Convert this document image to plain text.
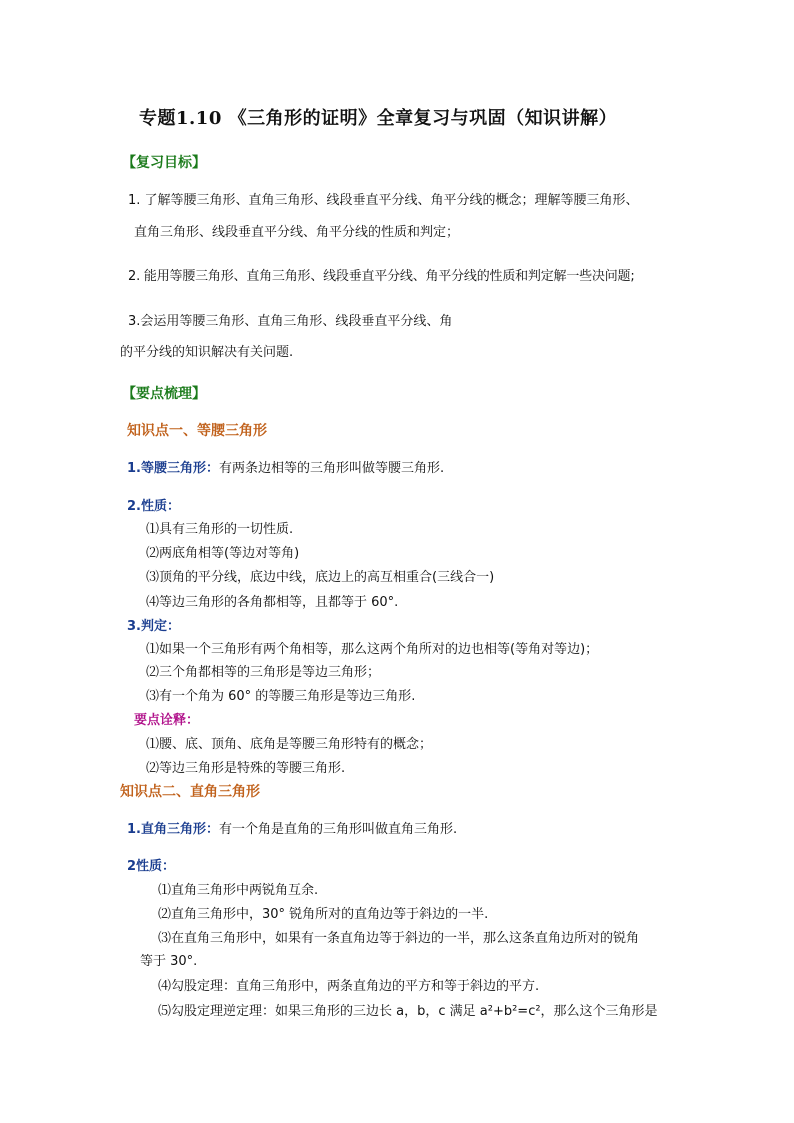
专题1.10 《三角形的证明》全章复习与巩固（知识讲解）
【复习目标】
1. 了解等腰三角形、直角三角形、线段垂直平分线、角平分线的概念；理解等腰三角形、
直角三角形、线段垂直平分线、角平分线的性质和判定；
2. 能用等腰三角形、直角三角形、线段垂直平分线、角平分线的性质和判定解一些决问题;
3.会运用等腰三角形、直角三角形、线段垂直平分线、角
的平分线的知识解决有关问题.
【要点梳理】
知识点一、等腰三角形
1.等腰三角形：有两条边相等的三角形叫做等腰三角形.
2.性质：
⑴具有三角形的一切性质.
⑵两底角相等(等边对等角)
⑶顶角的平分线，底边中线，底边上的高互相重合(三线合一)
⑷等边三角形的各角都相等，且都等于 60°.
3.判定：
⑴如果一个三角形有两个角相等，那么这两个角所对的边也相等(等角对等边)；
⑵三个角都相等的三角形是等边三角形；
⑶有一个角为 60° 的等腰三角形是等边三角形.
要点诠释：
⑴腰、底、顶角、底角是等腰三角形特有的概念；
⑵等边三角形是特殊的等腰三角形.
知识点二、直角三角形
1.直角三角形：有一个角是直角的三角形叫做直角三角形.
2性质：
⑴直角三角形中两锐角互余.
⑵直角三角形中，30° 锐角所对的直角边等于斜边的一半.
⑶在直角三角形中，如果有一条直角边等于斜边的一半，那么这条直角边所对的锐角
等于 30°.
⑷勾股定理：直角三角形中，两条直角边的平方和等于斜边的平方.
⑸勾股定理逆定理：如果三角形的三边长 a，b，c 满足 a²+b²=c²，那么这个三角形是
